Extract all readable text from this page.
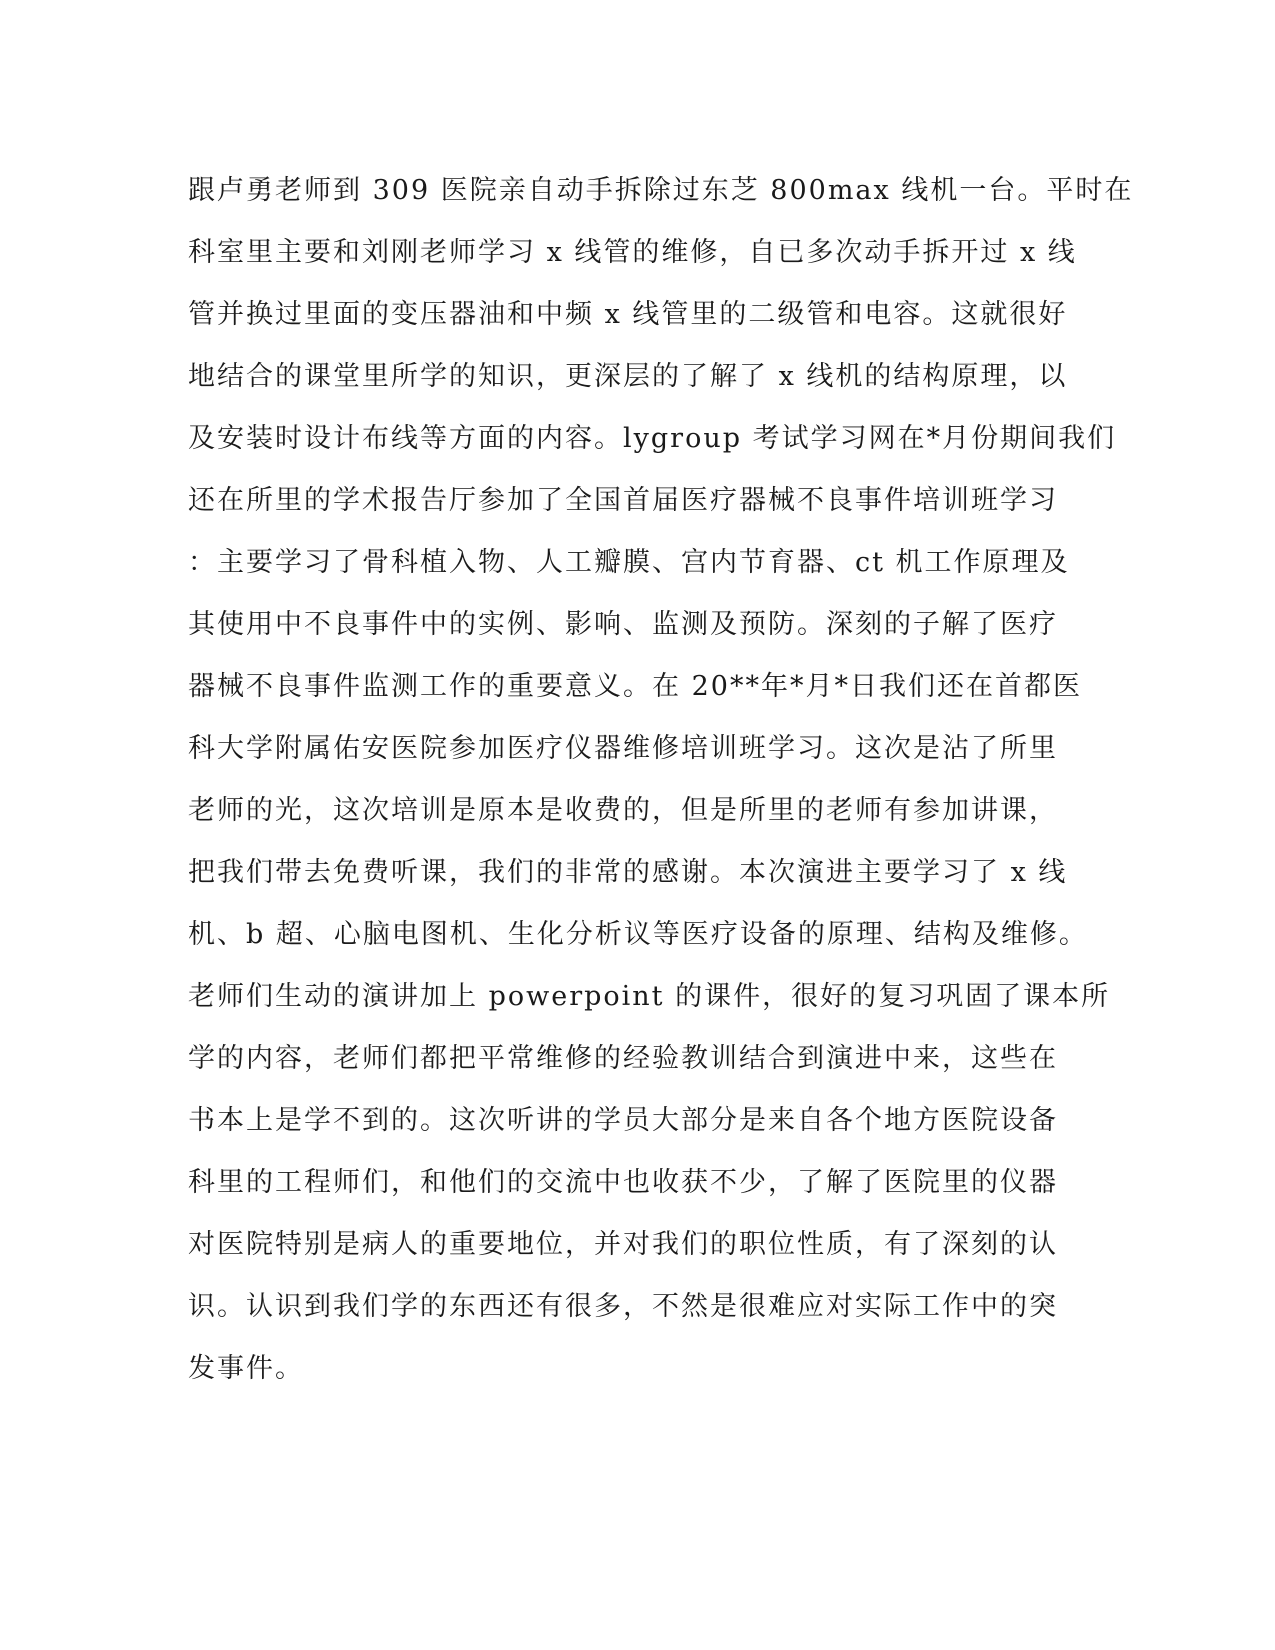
跟卢勇老师到 309 医院亲自动手拆除过东芝 800max 线机一台。平时在
科室里主要和刘刚老师学习 x 线管的维修，自已多次动手拆开过 x 线
管并换过里面的变压器油和中频 x 线管里的二级管和电容。这就很好
地结合的课堂里所学的知识，更深层的了解了 x 线机的结构原理，以
及安装时设计布线等方面的内容。lygroup 考试学习网在*月份期间我们
还在所里的学术报告厅参加了全国首届医疗器械不良事件培训班学习
：主要学习了骨科植入物、人工瓣膜、宫内节育器、ct 机工作原理及
其使用中不良事件中的实例、影响、监测及预防。深刻的子解了医疗
器械不良事件监测工作的重要意义。在 20**年*月*日我们还在首都医
科大学附属佑安医院参加医疗仪器维修培训班学习。这次是沾了所里
老师的光，这次培训是原本是收费的，但是所里的老师有参加讲课，
把我们带去免费听课，我们的非常的感谢。本次演进主要学习了 x 线
机、b 超、心脑电图机、生化分析议等医疗设备的原理、结构及维修。
老师们生动的演讲加上 powerpoint 的课件，很好的复习巩固了课本所
学的内容，老师们都把平常维修的经验教训结合到演进中来，这些在
书本上是学不到的。这次听讲的学员大部分是来自各个地方医院设备
科里的工程师们，和他们的交流中也收获不少，了解了医院里的仪器
对医院特别是病人的重要地位，并对我们的职位性质，有了深刻的认
识。认识到我们学的东西还有很多，不然是很难应对实际工作中的突
发事件。
